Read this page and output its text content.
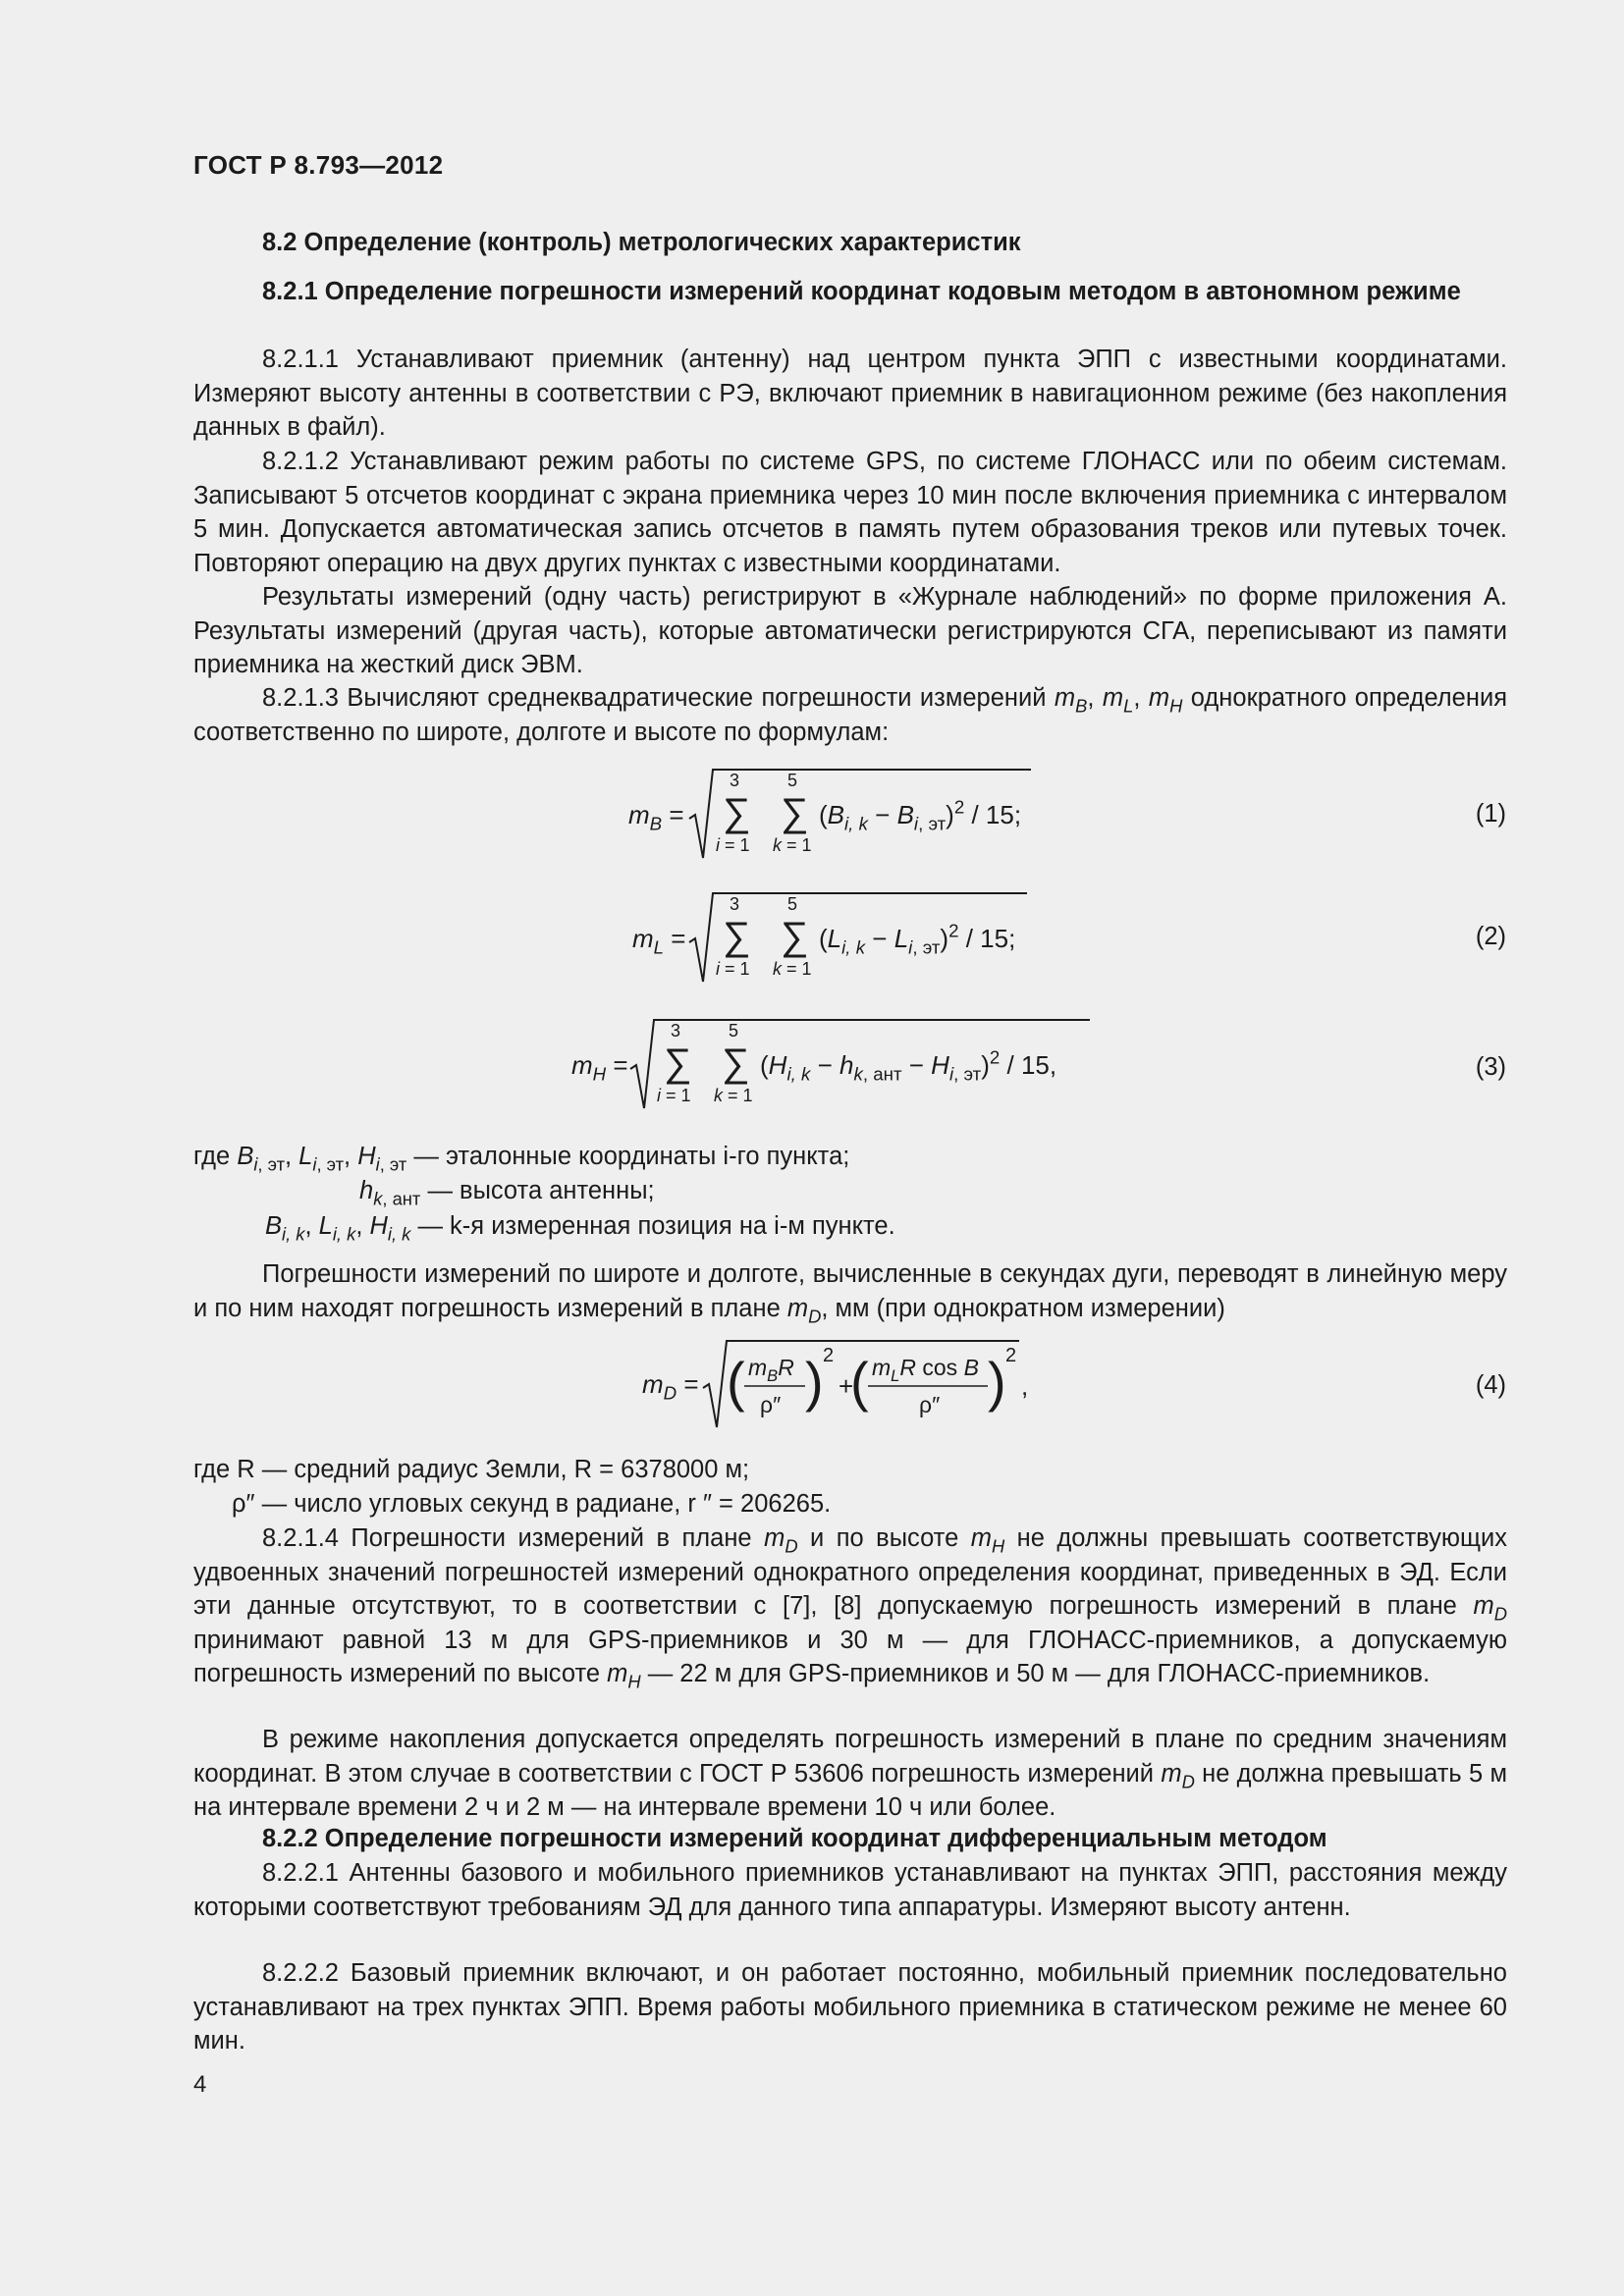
ГОСТ Р 8.793—2012
8.2 Определение (контроль) метрологических характеристик
8.2.1 Определение погрешности измерений координат кодовым методом в автономном режиме
8.2.1.1 Устанавливают приемник (антенну) над центром пункта ЭПП с известными координатами. Измеряют высоту антенны в соответствии с РЭ, включают приемник в навигационном режиме (без накопления данных в файл).
8.2.1.2 Устанавливают режим работы по системе GPS, по системе ГЛОНАСС или по обеим системам. Записывают 5 отсчетов координат с экрана приемника через 10 мин после включения приемника с интервалом 5 мин. Допускается автоматическая запись отсчетов в память путем образования треков или путевых точек. Повторяют операцию на двух других пунктах с известными координатами.
Результаты измерений (одну часть) регистрируют в «Журнале наблюдений» по форме приложения А. Результаты измерений (другая часть), которые автоматически регистрируются СГА, переписывают из памяти приемника на жесткий диск ЭВМ.
8.2.1.3 Вычисляют среднеквадратические погрешности измерений $m_B$, $m_L$, $m_H$ однократного определения соответственно по широте, долготе и высоте по формулам:
$m_B$ =
3
∑
i = 1
5
∑
k = 1
$(B_{i, k} - B_{i, эт})^2 / 15$;	(1)
$m_L$ =
3
∑
i = 1
5
∑
k = 1
$(L_{i, k} - L_{i, эт})^2 / 15$;	(2)
$m_H$ =
3
∑
i = 1
5
∑
k = 1
$(H_{i, k} - h_{k, ант} - H_{i, эт})^2 / 15$,	(3)
где $B_{i, эт}$, $L_{i, эт}$, $H_{i, эт}$ — эталонные координаты i-го пункта;
$h_{k, ант}$ — высота антенны;
$B_{i, k}$, $L_{i, k}$, $H_{i, k}$ — k-я измеренная позиция на i-м пункте.
Погрешности измерений по широте и долготе, вычисленные в секундах дуги, переводят в линейную меру и по ним находят погрешность измерений в плане $m_D$, мм (при однократном измерении)
$m_D$ = ( $m_BR$
ρ″ ) 2
+
( $m_LR$ cos B
ρ″ ) 2
,	(4)
где R — средний радиус Земли, R = 6378000 м;
ρ″ — число угловых секунд в радиане, r ″ = 206265.
8.2.1.4 Погрешности измерений в плане $m_D$ и по высоте $m_H$ не должны превышать соответствующих удвоенных значений погрешностей измерений однократного определения координат, приведенных в ЭД. Если эти данные отсутствуют, то в соответствии с [7], [8] допускаемую погрешность измерений в плане $m_D$ принимают равной 13 м для GPS-приемников и 30 м — для ГЛОНАСС-приемников, а допускаемую погрешность измерений по высоте $m_H$ — 22 м для GPS-приемников и 50 м — для ГЛОНАСС-приемников.
В режиме накопления допускается определять погрешность измерений в плане по средним значениям координат. В этом случае в соответствии с ГОСТ Р 53606 погрешность измерений $m_D$ не должна превышать 5 м на интервале времени 2 ч и 2 м — на интервале времени 10 ч или более.
8.2.2 Определение погрешности измерений координат дифференциальным методом
8.2.2.1 Антенны базового и мобильного приемников устанавливают на пунктах ЭПП, расстояния между которыми соответствуют требованиям ЭД для данного типа аппаратуры. Измеряют высоту антенн.
8.2.2.2 Базовый приемник включают, и он работает постоянно, мобильный приемник последовательно устанавливают на трех пунктах ЭПП. Время работы мобильного приемника в статическом режиме не менее 60 мин.
4
